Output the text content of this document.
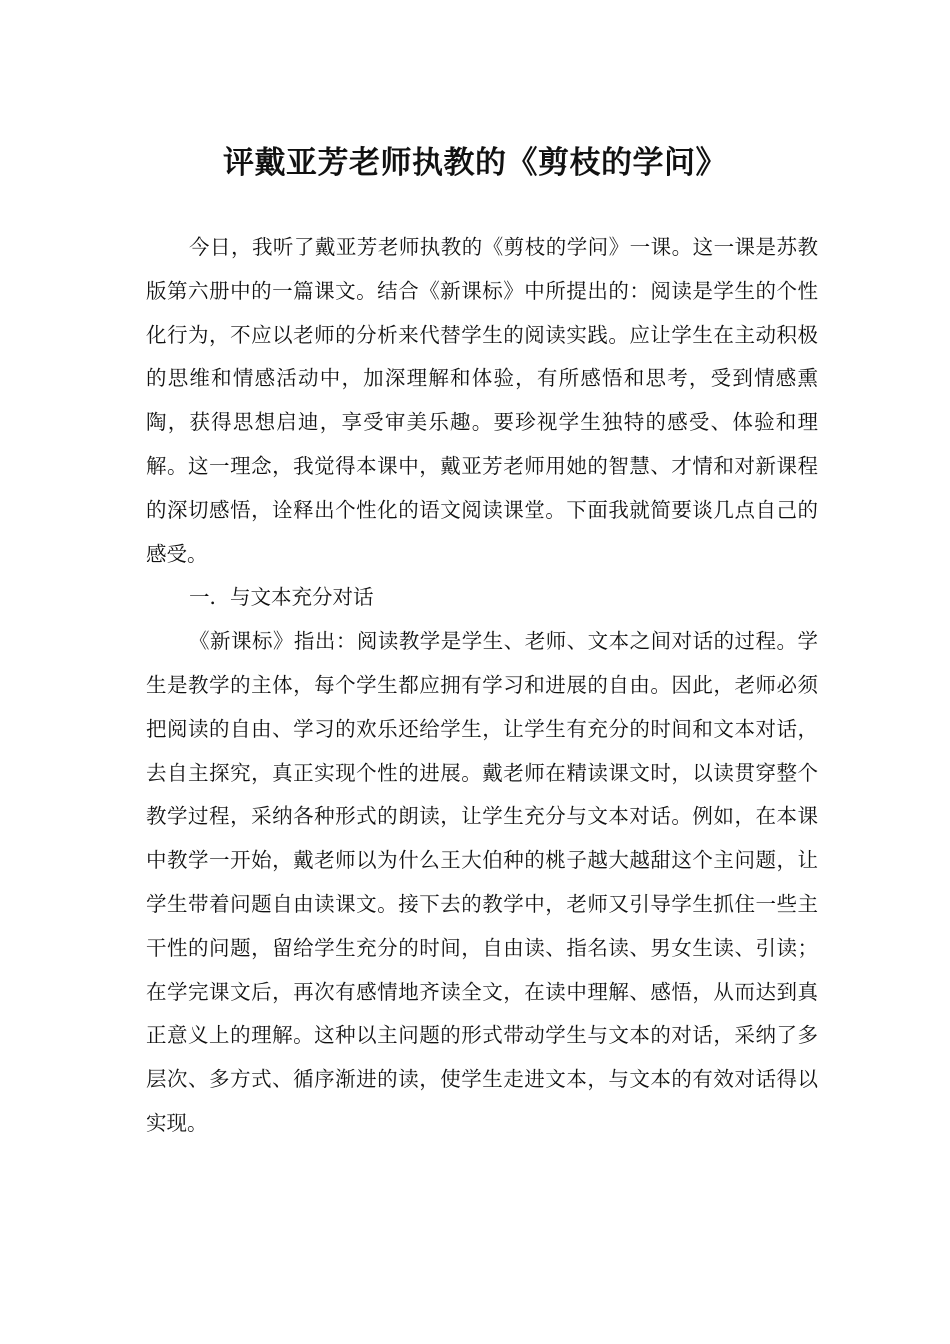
评戴亚芳老师执教的《剪枝的学问》

今日，我听了戴亚芳老师执教的《剪枝的学问》一课。这一课是苏教版第六册中的一篇课文。结合《新课标》中所提出的：阅读是学生的个性化行为，不应以老师的分析来代替学生的阅读实践。应让学生在主动积极的思维和情感活动中，加深理解和体验，有所感悟和思考，受到情感熏陶，获得思想启迪，享受审美乐趣。要珍视学生独特的感受、体验和理解。这一理念，我觉得本课中，戴亚芳老师用她的智慧、才情和对新课程的深切感悟，诠释出个性化的语文阅读课堂。下面我就简要谈几点自己的感受。

一．与文本充分对话

《新课标》指出：阅读教学是学生、老师、文本之间对话的过程。学生是教学的主体，每个学生都应拥有学习和进展的自由。因此，老师必须把阅读的自由、学习的欢乐还给学生，让学生有充分的时间和文本对话，去自主探究，真正实现个性的进展。戴老师在精读课文时，以读贯穿整个教学过程，采纳各种形式的朗读，让学生充分与文本对话。例如，在本课中教学一开始，戴老师以为什么王大伯种的桃子越大越甜这个主问题，让学生带着问题自由读课文。接下去的教学中，老师又引导学生抓住一些主干性的问题，留给学生充分的时间，自由读、指名读、男女生读、引读；在学完课文后，再次有感情地齐读全文，在读中理解、感悟，从而达到真正意义上的理解。这种以主问题的形式带动学生与文本的对话，采纳了多层次、多方式、循序渐进的读，使学生走进文本，与文本的有效对话得以实现。
